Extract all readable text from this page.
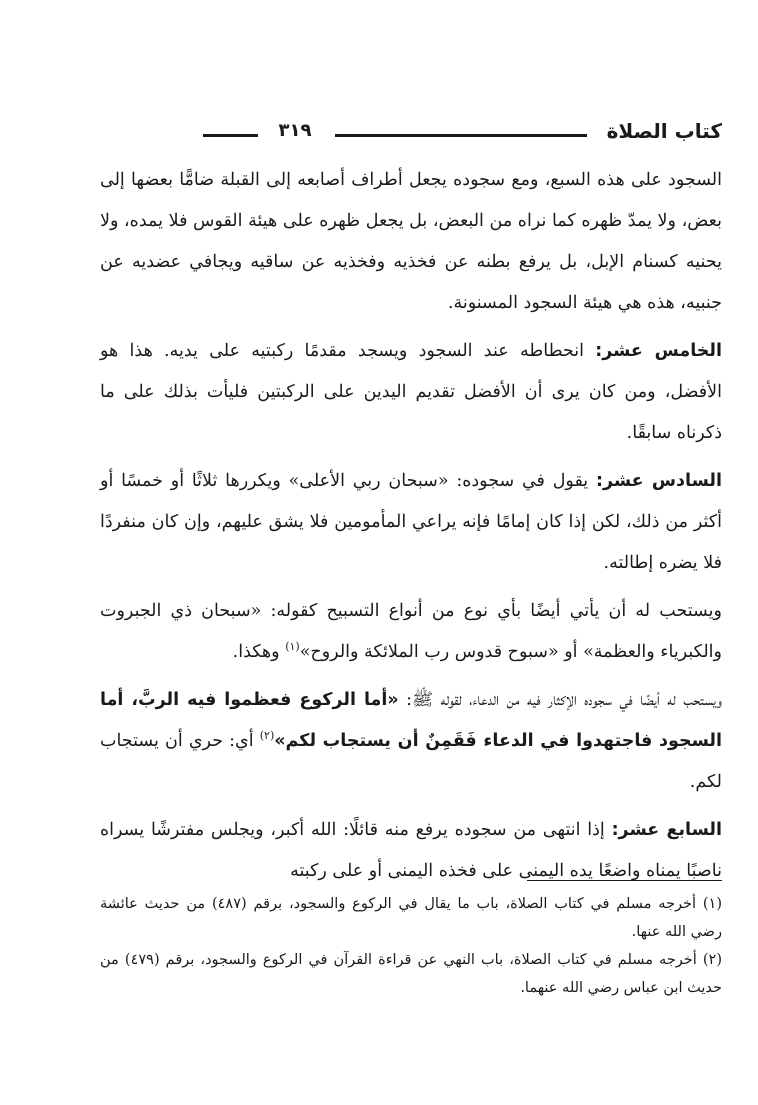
كتاب الصلاة
٣١٩

السجود على هذه السبع، ومع سجوده يجعل أطراف أصابعه إلى القبلة ضامًّا بعضها إلى بعض، ولا يمدّ ظهره كما نراه من البعض، بل يجعل ظهره على هيئة القوس فلا يمده، ولا يحنيه كسنام الإبل، بل يرفع بطنه عن فخذيه وفخذيه عن ساقيه ويجافي عضديه عن جنبيه، هذه هي هيئة السجود المسنونة.

الخامس عشر: انحطاطه عند السجود ويسجد مقدمًا ركبتيه على يديه. هذا هو الأفضل، ومن كان يرى أن الأفضل تقديم اليدين على الركبتين فليأت بذلك على ما ذكرناه سابقًا.

السادس عشر: يقول في سجوده: «سبحان ربي الأعلى» ويكررها ثلاثًا أو خمسًا أو أكثر من ذلك، لكن إذا كان إمامًا فإنه يراعي المأمومين فلا يشق عليهم، وإن كان منفردًا فلا يضره إطالته.

ويستحب له أن يأتي أيضًا بأي نوع من أنواع التسبيح كقوله: «سبحان ذي الجبروت والكبرياء والعظمة» أو «سبوح قدوس رب الملائكة والروح»$^{(١)}$ وهكذا.

ويستحب له أيضًا في سجوده الإكثار فيه من الدعاء، لقوله ﷺ: «أما الركوع فعظموا فيه الربَّ، أما السجود فاجتهدوا في الدعاء فَقَمِنٌ أن يستجاب لكم»$^{(٢)}$ أي: حري أن يستجاب لكم.

السابع عشر: إذا انتهى من سجوده يرفع منه قائلًا: الله أكبر، ويجلس مفترشًا يسراه ناصبًا يمناه واضعًا يده اليمنى على فخذه اليمنى أو على ركبته

(١) أخرجه مسلم في كتاب الصلاة، باب ما يقال في الركوع والسجود، برقم (٤٨٧) من حديث عائشة رضي الله عنها.

(٢) أخرجه مسلم في كتاب الصلاة، باب النهي عن قراءة القرآن في الركوع والسجود، برقم (٤٧٩) من حديث ابن عباس رضي الله عنهما.
